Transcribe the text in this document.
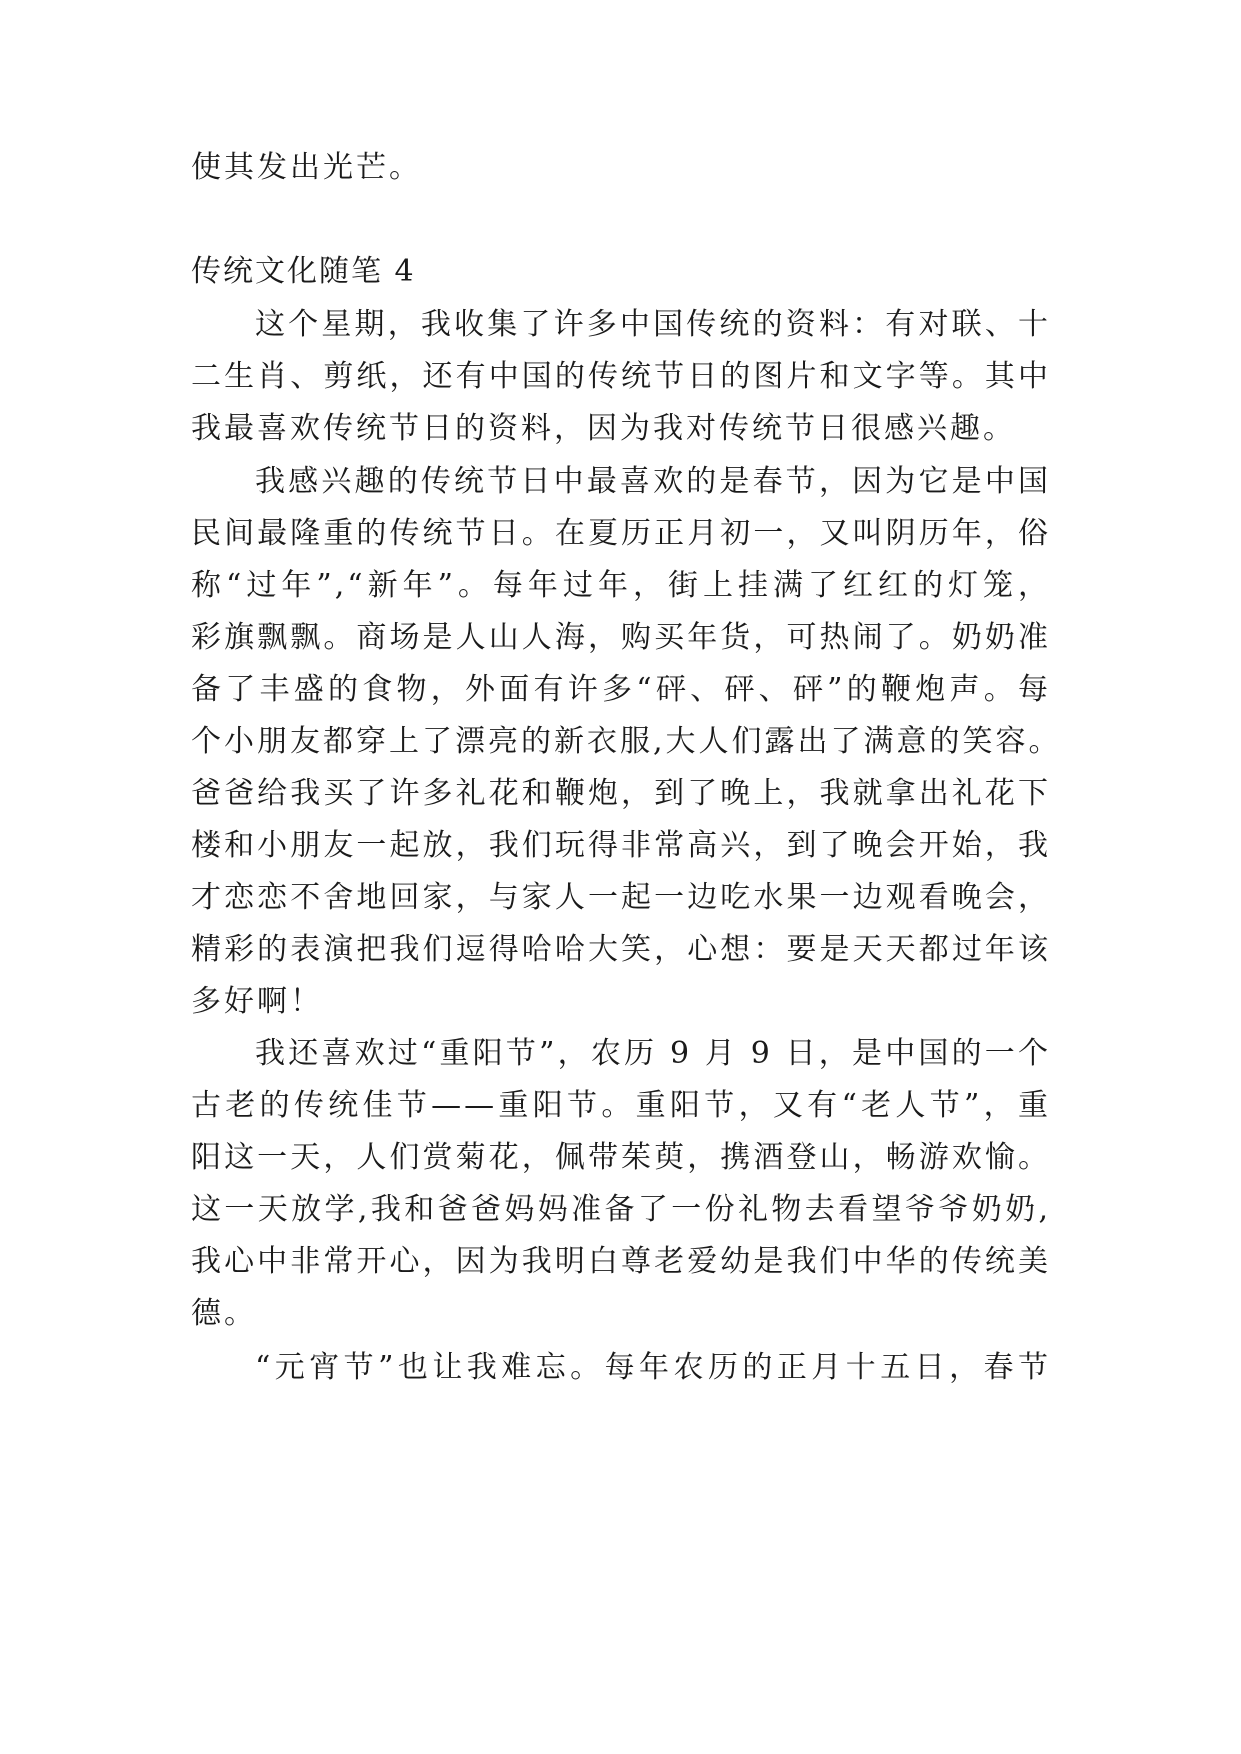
使其发出光芒。
传统文化随笔 4
这个星期，我收集了许多中国传统的资料：有对联、十
二生肖、剪纸，还有中国的传统节日的图片和文字等。其中
我最喜欢传统节日的资料，因为我对传统节日很感兴趣。
我感兴趣的传统节日中最喜欢的是春节，因为它是中国
民间最隆重的传统节日。在夏历正月初一，又叫阴历年，俗
称“过年”,“新年”。每年过年，街上挂满了红红的灯笼，
彩旗飘飘。商场是人山人海，购买年货，可热闹了。奶奶准
备了丰盛的食物，外面有许多“砰、砰、砰”的鞭炮声。每
个小朋友都穿上了漂亮的新衣服,大人们露出了满意的笑容。
爸爸给我买了许多礼花和鞭炮，到了晚上，我就拿出礼花下
楼和小朋友一起放，我们玩得非常高兴，到了晚会开始，我
才恋恋不舍地回家，与家人一起一边吃水果一边观看晚会，
精彩的表演把我们逗得哈哈大笑，心想：要是天天都过年该
多好啊！
我还喜欢过“重阳节”，农历 9 月 9 日，是中国的一个
古老的传统佳节——重阳节。重阳节，又有“老人节”，重
阳这一天，人们赏菊花，佩带茱萸，携酒登山，畅游欢愉。
这一天放学,我和爸爸妈妈准备了一份礼物去看望爷爷奶奶,
我心中非常开心，因为我明白尊老爱幼是我们中华的传统美
德。
“元宵节”也让我难忘。每年农历的正月十五日，春节
